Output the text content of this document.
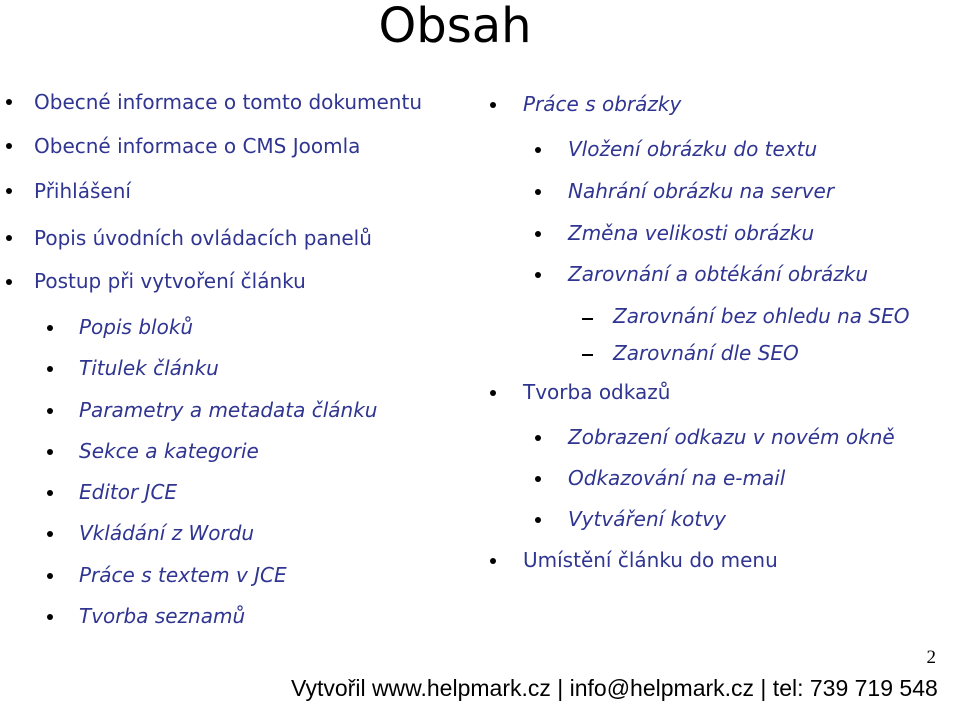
Obsah
Obecné informace o tomto dokumentu
Obecné informace o CMS Joomla
Přihlášení
Popis úvodních ovládacích panelů
Postup při vytvoření článku
Popis bloků
Titulek článku
Parametry a metadata článku
Sekce a kategorie
Editor JCE
Vkládání z Wordu
Práce s textem v JCE
Tvorba seznamů
Práce s obrázky
Vložení obrázku do textu
Nahrání obrázku na server
Změna velikosti obrázku
Zarovnání a obtékání obrázku
Zarovnání bez ohledu na SEO
Zarovnání dle SEO
Tvorba odkazů
Zobrazení odkazu v novém okně
Odkazování na e-mail
Vytváření kotvy
Umístění článku do menu
2
Vytvořil www.helpmark.cz | info@helpmark.cz | tel: 739 719 548
